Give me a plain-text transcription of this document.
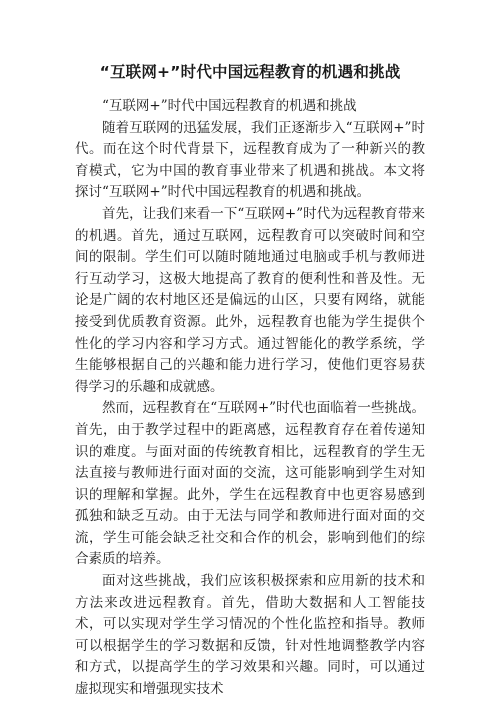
“互联网+”时代中国远程教育的机遇和挑战

“互联网+”时代中国远程教育的机遇和挑战

随着互联网的迅猛发展，我们正逐渐步入“互联网+”时代。而在这个时代背景下，远程教育成为了一种新兴的教育模式，它为中国的教育事业带来了机遇和挑战。本文将探讨“互联网+”时代中国远程教育的机遇和挑战。

首先，让我们来看一下“互联网+”时代为远程教育带来的机遇。首先，通过互联网，远程教育可以突破时间和空间的限制。学生们可以随时随地通过电脑或手机与教师进行互动学习，这极大地提高了教育的便利性和普及性。无论是广阔的农村地区还是偏远的山区，只要有网络，就能接受到优质教育资源。此外，远程教育也能为学生提供个性化的学习内容和学习方式。通过智能化的教学系统，学生能够根据自己的兴趣和能力进行学习，使他们更容易获得学习的乐趣和成就感。

然而，远程教育在“互联网+”时代也面临着一些挑战。首先，由于教学过程中的距离感，远程教育存在着传递知识的难度。与面对面的传统教育相比，远程教育的学生无法直接与教师进行面对面的交流，这可能影响到学生对知识的理解和掌握。此外，学生在远程教育中也更容易感到孤独和缺乏互动。由于无法与同学和教师进行面对面的交流，学生可能会缺乏社交和合作的机会，影响到他们的综合素质的培养。

面对这些挑战，我们应该积极探索和应用新的技术和方法来改进远程教育。首先，借助大数据和人工智能技术，可以实现对学生学习情况的个性化监控和指导。教师可以根据学生的学习数据和反馈，针对性地调整教学内容和方式，以提高学生的学习效果和兴趣。同时，可以通过虚拟现实和增强现实技术
